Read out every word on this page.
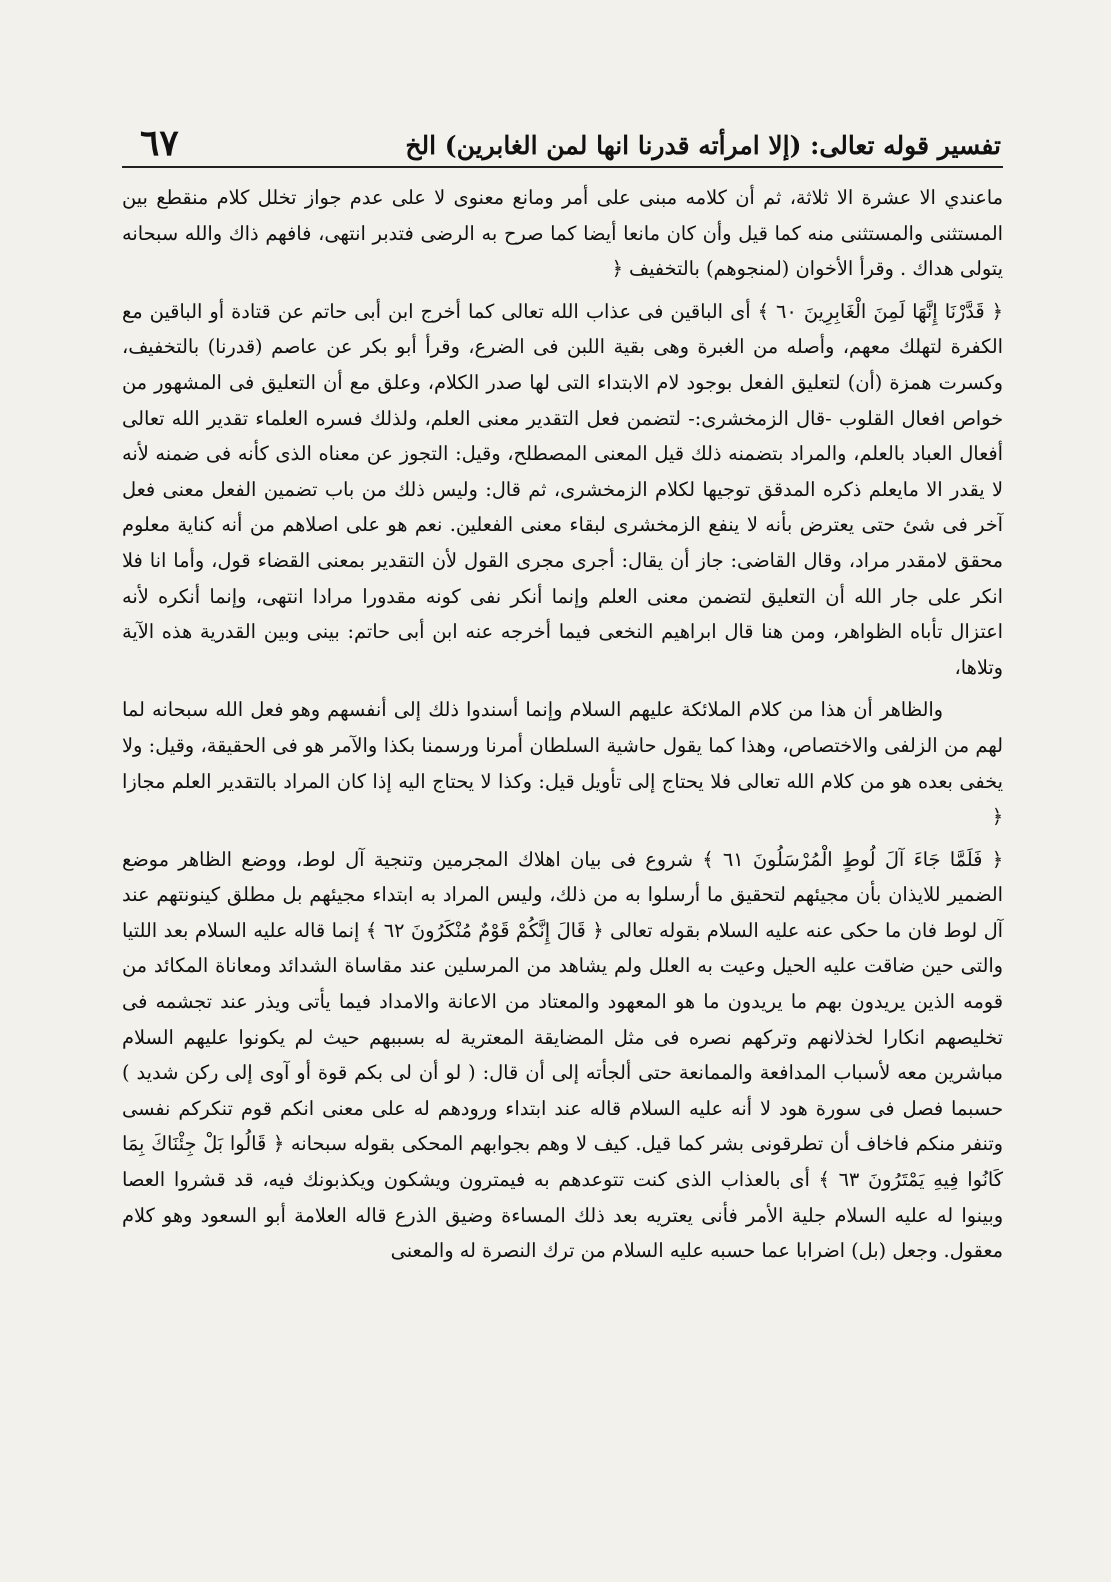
تفسير قوله تعالى: (إلا امرأته قدرنا انها لمن الغابرين) الخ
٦٧

ماعندي الا عشرة الا ثلاثة، ثم أن كلامه مبنى على أمر ومانع معنوى لا على عدم جواز تخلل كلام منقطع بين المستثنى والمستثنى منه كما قيل وأن كان مانعا أيضا كما صرح به الرضى فتدبر انتهى، فافهم ذاك والله سبحانه يتولى هداك . وقرأ الأخوان (لمنجوهم) بالتخفيف ﴿

﴿ قَدَّرْنَا إِنَّهَا لَمِنَ الْغَابِرِينَ ٦٠ ﴾ أى الباقين فى عذاب الله تعالى كما أخرج ابن أبى حاتم عن قتادة أو الباقين مع الكفرة لتهلك معهم، وأصله من الغبرة وهى بقية اللبن فى الضرع، وقرأ أبو بكر عن عاصم (قدرنا) بالتخفيف، وكسرت همزة (أن) لتعليق الفعل بوجود لام الابتداء التى لها صدر الكلام، وعلق مع أن التعليق فى المشهور من خواص افعال القلوب -قال الزمخشرى:- لتضمن فعل التقدير معنى العلم، ولذلك فسره العلماء تقدير الله تعالى أفعال العباد بالعلم، والمراد بتضمنه ذلك قيل المعنى المصطلح، وقيل: التجوز عن معناه الذى كأنه فى ضمنه لأنه لا يقدر الا مايعلم ذكره المدقق توجيها لكلام الزمخشرى، ثم قال: وليس ذلك من باب تضمين الفعل معنى فعل آخر فى شئ حتى يعترض بأنه لا ينفع الزمخشرى لبقاء معنى الفعلين. نعم هو على اصلاهم من أنه كناية معلوم محقق لامقدر مراد، وقال القاضى: جاز أن يقال: أجرى مجرى القول لأن التقدير بمعنى القضاء قول، وأما انا فلا انكر على جار الله أن التعليق لتضمن معنى العلم وإنما أنكر نفى كونه مقدورا مرادا انتهى، وإنما أنكره لأنه اعتزال تأباه الظواهر، ومن هنا قال ابراهيم النخعى فيما أخرجه عنه ابن أبى حاتم: بينى وبين القدرية هذه الآية وتلاها،

والظاهر أن هذا من كلام الملائكة عليهم السلام وإنما أسندوا ذلك إلى أنفسهم وهو فعل الله سبحانه لما لهم من الزلفى والاختصاص، وهذا كما يقول حاشية السلطان أمرنا ورسمنا بكذا والآمر هو فى الحقيقة، وقيل: ولا يخفى بعده هو من كلام الله تعالى فلا يحتاج إلى تأويل قيل: وكذا لا يحتاج اليه إذا كان المراد بالتقدير العلم مجازا ﴿

﴿ فَلَمَّا جَاءَ آلَ لُوطٍ الْمُرْسَلُونَ ٦١ ﴾ شروع فى بيان اهلاك المجرمين وتنجية آل لوط، ووضع الظاهر موضع الضمير للايذان بأن مجيئهم لتحقيق ما أرسلوا به من ذلك، وليس المراد به ابتداء مجيئهم بل مطلق كينونتهم عند آل لوط فان ما حكى عنه عليه السلام بقوله تعالى ﴿ قَالَ إِنَّكُمْ قَوْمٌ مُنْكَرُونَ ٦٢ ﴾ إنما قاله عليه السلام بعد اللتيا والتى حين ضاقت عليه الحيل وعيت به العلل ولم يشاهد من المرسلين عند مقاساة الشدائد ومعاناة المكائد من قومه الذين يريدون بهم ما يريدون ما هو المعهود والمعتاد من الاعانة والامداد فيما يأتى ويذر عند تجشمه فى تخليصهم انكارا لخذلانهم وتركهم نصره فى مثل المضايقة المعترية له بسببهم حيث لم يكونوا عليهم السلام مباشرين معه لأسباب المدافعة والممانعة حتى ألجأته إلى أن قال: ( لو أن لى بكم قوة أو آوى إلى ركن شديد ) حسبما فصل فى سورة هود لا أنه عليه السلام قاله عند ابتداء ورودهم له على معنى انكم قوم تنكركم نفسى وتنفر منكم فاخاف أن تطرقونى بشر كما قيل. كيف لا وهم بجوابهم المحكى بقوله سبحانه ﴿ قَالُوا بَلْ جِئْنَاكَ بِمَا كَانُوا فِيهِ يَمْتَرُونَ ٦٣ ﴾ أى بالعذاب الذى كنت تتوعدهم به فيمترون ويشكون ويكذبونك فيه، قد قشروا العصا وبينوا له عليه السلام جلية الأمر فأنى يعتريه بعد ذلك المساءة وضيق الذرع قاله العلامة أبو السعود وهو كلام معقول. وجعل (بل) اضرابا عما حسبه عليه السلام من ترك النصرة له والمعنى
